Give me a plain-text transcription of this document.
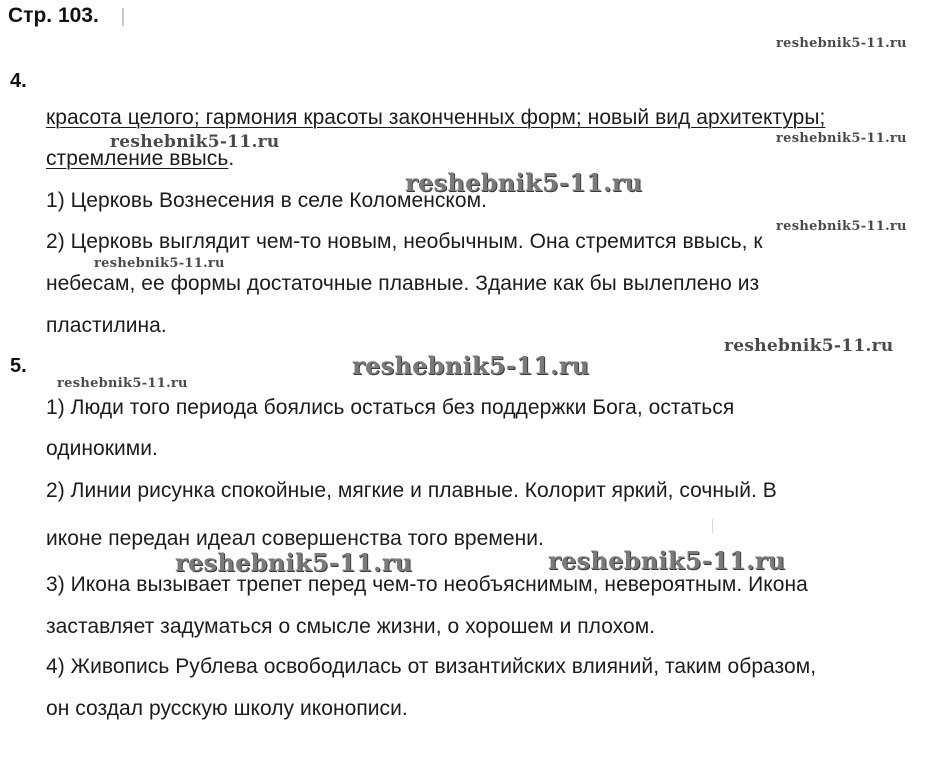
Стр. 103.
reshebnik5-11.ru
4.
красота целого; гармония красоты законченных форм; новый вид архитектуры;
reshebnik5-11.ru	reshebnik5-11.ru
стремление ввысь.
reshebnik5-11.ru
1) Церковь Вознесения в селе Коломенском.
reshebnik5-11.ru
2) Церковь выглядит чем-то новым, необычным. Она стремится ввысь, к
reshebnik5-11.ru
небесам, ее формы достаточные плавные. Здание как бы вылеплено из
пластилина.
reshebnik5-11.ru
5.	reshebnik5-11.ru
reshebnik5-11.ru
1) Люди того периода боялись остаться без поддержки Бога, остаться
одинокими.
2) Линии рисунка спокойные, мягкие и плавные. Колорит яркий, сочный. В
иконе передан идеал совершенства того времени.
reshebnik5-11.ru	reshebnik5-11.ru
3) Икона вызывает трепет перед чем-то необъяснимым, невероятным. Икона
заставляет задуматься о смысле жизни, о хорошем и плохом.
4) Живопись Рублева освободилась от византийских влияний, таким образом,
он создал русскую школу иконописи.
